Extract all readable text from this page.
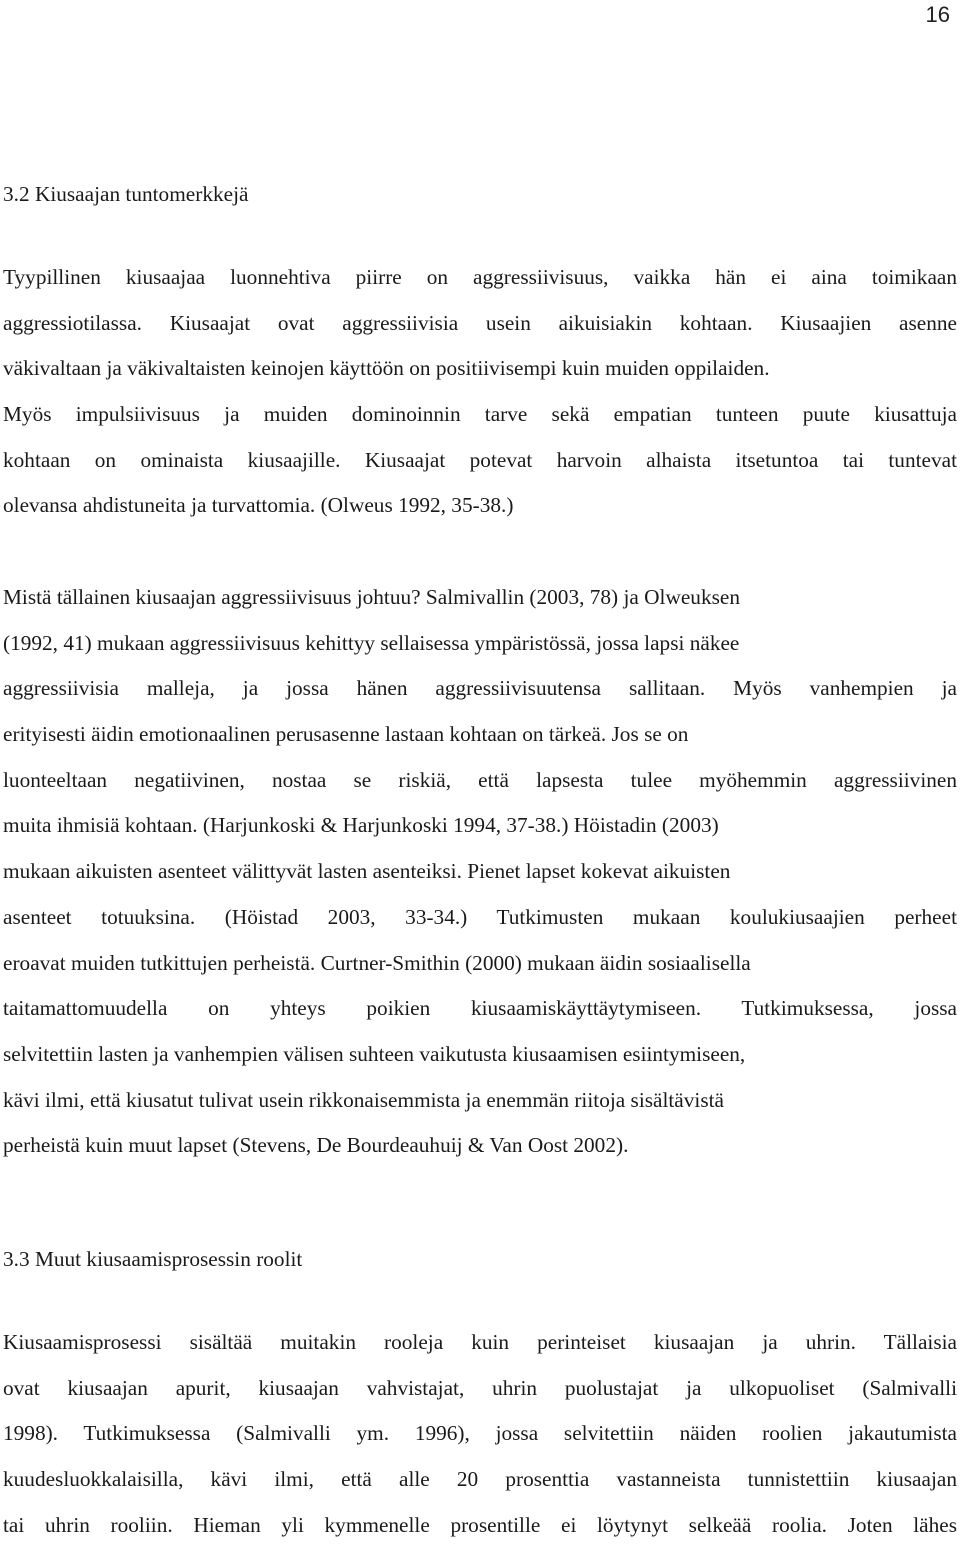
16
3.2 Kiusaajan tuntomerkkejä
Tyypillinen kiusaajaa luonnehtiva piirre on aggressiivisuus, vaikka hän ei aina toimikaan
aggressiotilassa. Kiusaajat ovat aggressiivisia usein aikuisiakin kohtaan. Kiusaajien asenne
väkivaltaan ja väkivaltaisten keinojen käyttöön on positiivisempi kuin muiden oppilaiden.
Myös impulsiivisuus ja muiden dominoinnin tarve sekä empatian tunteen puute kiusattuja
kohtaan on ominaista kiusaajille. Kiusaajat potevat harvoin alhaista itsetuntoa tai tuntevat
olevansa ahdistuneita ja turvattomia. (Olweus 1992, 35-38.)
Mistä tällainen kiusaajan aggressiivisuus johtuu? Salmivallin (2003, 78) ja Olweuksen
(1992, 41) mukaan aggressiivisuus kehittyy sellaisessa ympäristössä, jossa lapsi näkee
aggressiivisia malleja, ja jossa hänen aggressiivisuutensa sallitaan. Myös vanhempien ja
erityisesti äidin emotionaalinen perusasenne lastaan kohtaan on tärkeä. Jos se on
luonteeltaan negatiivinen, nostaa se riskiä, että lapsesta tulee myöhemmin aggressiivinen
muita ihmisiä kohtaan. (Harjunkoski & Harjunkoski 1994, 37-38.) Höistadin (2003)
mukaan aikuisten asenteet välittyvät lasten asenteiksi. Pienet lapset kokevat aikuisten
asenteet totuuksina. (Höistad 2003, 33-34.) Tutkimusten mukaan koulukiusaajien perheet
eroavat muiden tutkittujen perheistä. Curtner-Smithin (2000) mukaan äidin sosiaalisella
taitamattomuudella on yhteys poikien kiusaamiskäyttäytymiseen. Tutkimuksessa, jossa
selvitettiin lasten ja vanhempien välisen suhteen vaikutusta kiusaamisen esiintymiseen,
kävi ilmi, että kiusatut tulivat usein rikkonaisemmista ja enemmän riitoja sisältävistä
perheistä kuin muut lapset (Stevens, De Bourdeauhuij & Van Oost 2002).
3.3 Muut kiusaamisprosessin roolit
Kiusaamisprosessi sisältää muitakin rooleja kuin perinteiset kiusaajan ja uhrin. Tällaisia
ovat kiusaajan apurit, kiusaajan vahvistajat, uhrin puolustajat ja ulkopuoliset (Salmivalli
1998). Tutkimuksessa (Salmivalli ym. 1996), jossa selvitettiin näiden roolien jakautumista
kuudesluokkalaisilla, kävi ilmi, että alle 20 prosenttia vastanneista tunnistettiin kiusaajan
tai uhrin rooliin. Hieman yli kymmenelle prosentille ei löytynyt selkeää roolia. Joten lähes
